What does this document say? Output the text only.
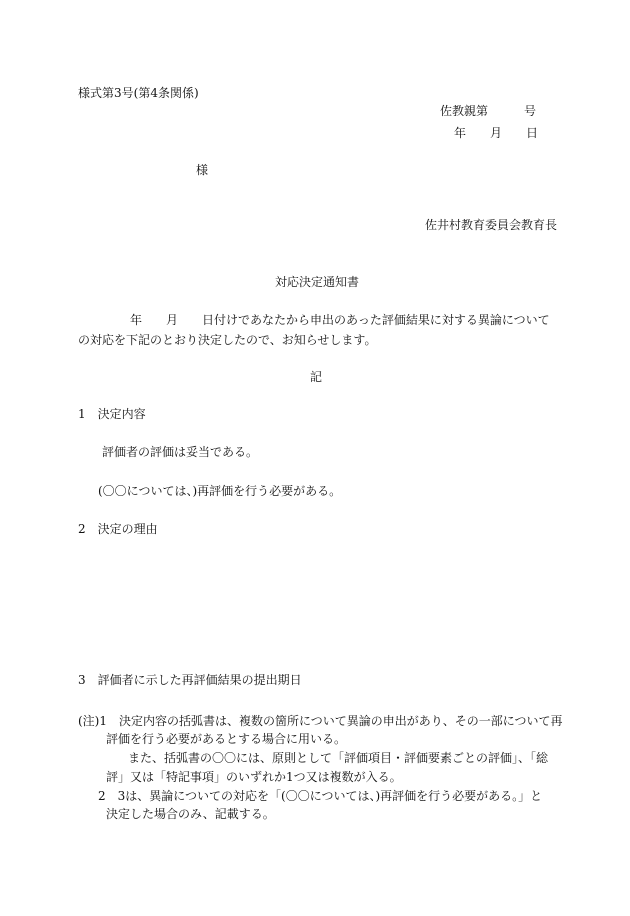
様式第3号(第4条関係)
佐教親第　　　号
年　　月　　日
様
佐井村教育委員会教育長
対応決定通知書
年　　月　　日付けであなたから申出のあった評価結果に対する異論について
の対応を下記のとおり決定したので、お知らせします。
記
1　決定内容
評価者の評価は妥当である。
(〇〇については、)再評価を行う必要がある。
2　決定の理由
3　評価者に示した再評価結果の提出期日
(注)1　決定内容の括弧書は、複数の箇所について異論の申出があり、その一部について再
評価を行う必要があるとする場合に用いる。
また、括弧書の〇〇には、原則として「評価項目・評価要素ごとの評価」、「総
評」又は「特記事項」のいずれか1つ又は複数が入る。
2　3は、異論についての対応を「(〇〇については、)再評価を行う必要がある。」と
決定した場合のみ、記載する。
